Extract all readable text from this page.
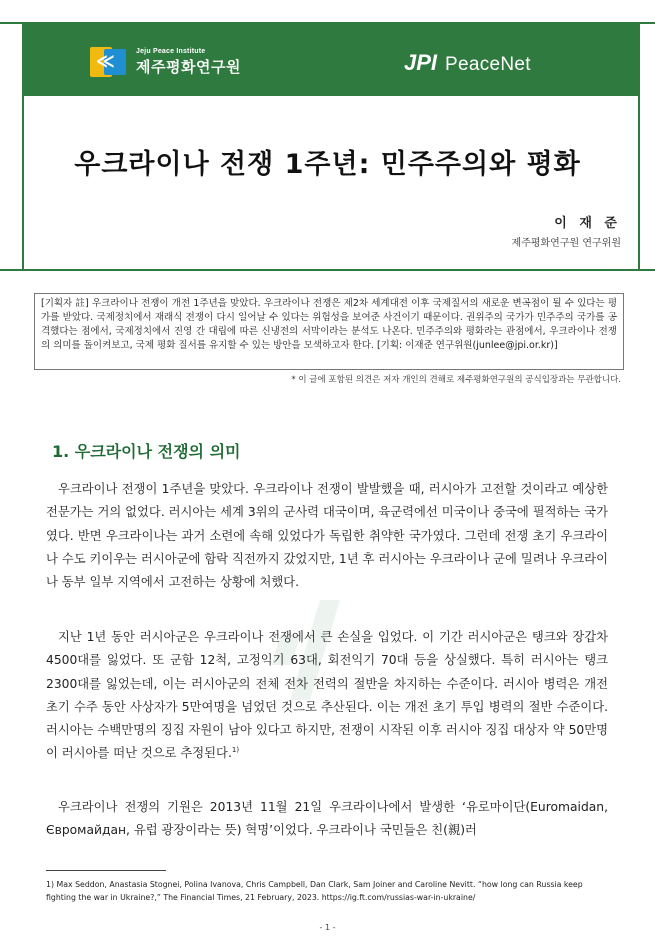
≪	Jeju Peace Institute
제주평화연구원	JPI PeaceNet
우크라이나 전쟁 1주년: 민주주의와 평화
이 재 준
제주평화연구원 연구위원
[기획자 註] 우크라이나 전쟁이 개전 1주년을 맞았다. 우크라이나 전쟁은 제2차 세계대전 이후 국제질서의 새로운 변곡점이 될 수 있다는 평가를 받았다. 국제정치에서 재래식 전쟁이 다시 일어날 수 있다는 위험성을 보여준 사건이기 때문이다. 권위주의 국가가 민주주의 국가를 공격했다는 점에서, 국제정치에서 진영 간 대립에 따른 신냉전의 서막이라는 분석도 나온다. 민주주의와 평화라는 관점에서, 우크라이나 전쟁의 의미를 돌이켜보고, 국제 평화 질서를 유지할 수 있는 방안을 모색하고자 한다. [기획: 이재준 연구위원(junlee@jpi.or.kr)]
* 이 글에 포함된 의견은 저자 개인의 견해로 제주평화연구원의 공식입장과는 무관합니다.
1. 우크라이나 전쟁의 의미

우크라이나 전쟁이 1주년을 맞았다. 우크라이나 전쟁이 발발했을 때, 러시아가 고전할 것이라고 예상한 전문가는 거의 없었다. 러시아는 세계 3위의 군사력 대국이며, 육군력에선 미국이나 중국에 필적하는 국가였다. 반면 우크라이나는 과거 소련에 속해 있었다가 독립한 취약한 국가였다. 그런데 전쟁 초기 우크라이나 수도 키이우는 러시아군에 함락 직전까지 갔었지만, 1년 후 러시아는 우크라이나 군에 밀려나 우크라이나 동부 일부 지역에서 고전하는 상황에 처했다.

지난 1년 동안 러시아군은 우크라이나 전쟁에서 큰 손실을 입었다. 이 기간 러시아군은 탱크와 장갑차 4500대를 잃었다. 또 군함 12척, 고정익기 63대, 회전익기 70대 등을 상실했다. 특히 러시아는 탱크 2300대를 잃었는데, 이는 러시아군의 전체 전차 전력의 절반을 차지하는 수준이다. 러시아 병력은 개전 초기 수주 동안 사상자가 5만여명을 넘었던 것으로 추산된다. 이는 개전 초기 투입 병력의 절반 수준이다. 러시아는 수백만명의 징집 자원이 남아 있다고 하지만, 전쟁이 시작된 이후 러시아 징집 대상자 약 50만명이 러시아를 떠난 것으로 추정된다.$^{1)}$

우크라이나 전쟁의 기원은 2013년 11월 21일 우크라이나에서 발생한 ‘유로마이단(Euromaidan, Євромайдан, 유럽 광장이라는 뜻) 혁명’이었다. 우크라이나 국민들은 친(親)러

1) Max Seddon, Anastasia Stognei, Polina Ivanova, Chris Campbell, Dan Clark, Sam Joiner and Caroline Nevitt. “how long can Russia keep fighting the war in Ukraine?,” The Financial Times, 21 February, 2023. https://ig.ft.com/russias-war-in-ukraine/
- 1 -
